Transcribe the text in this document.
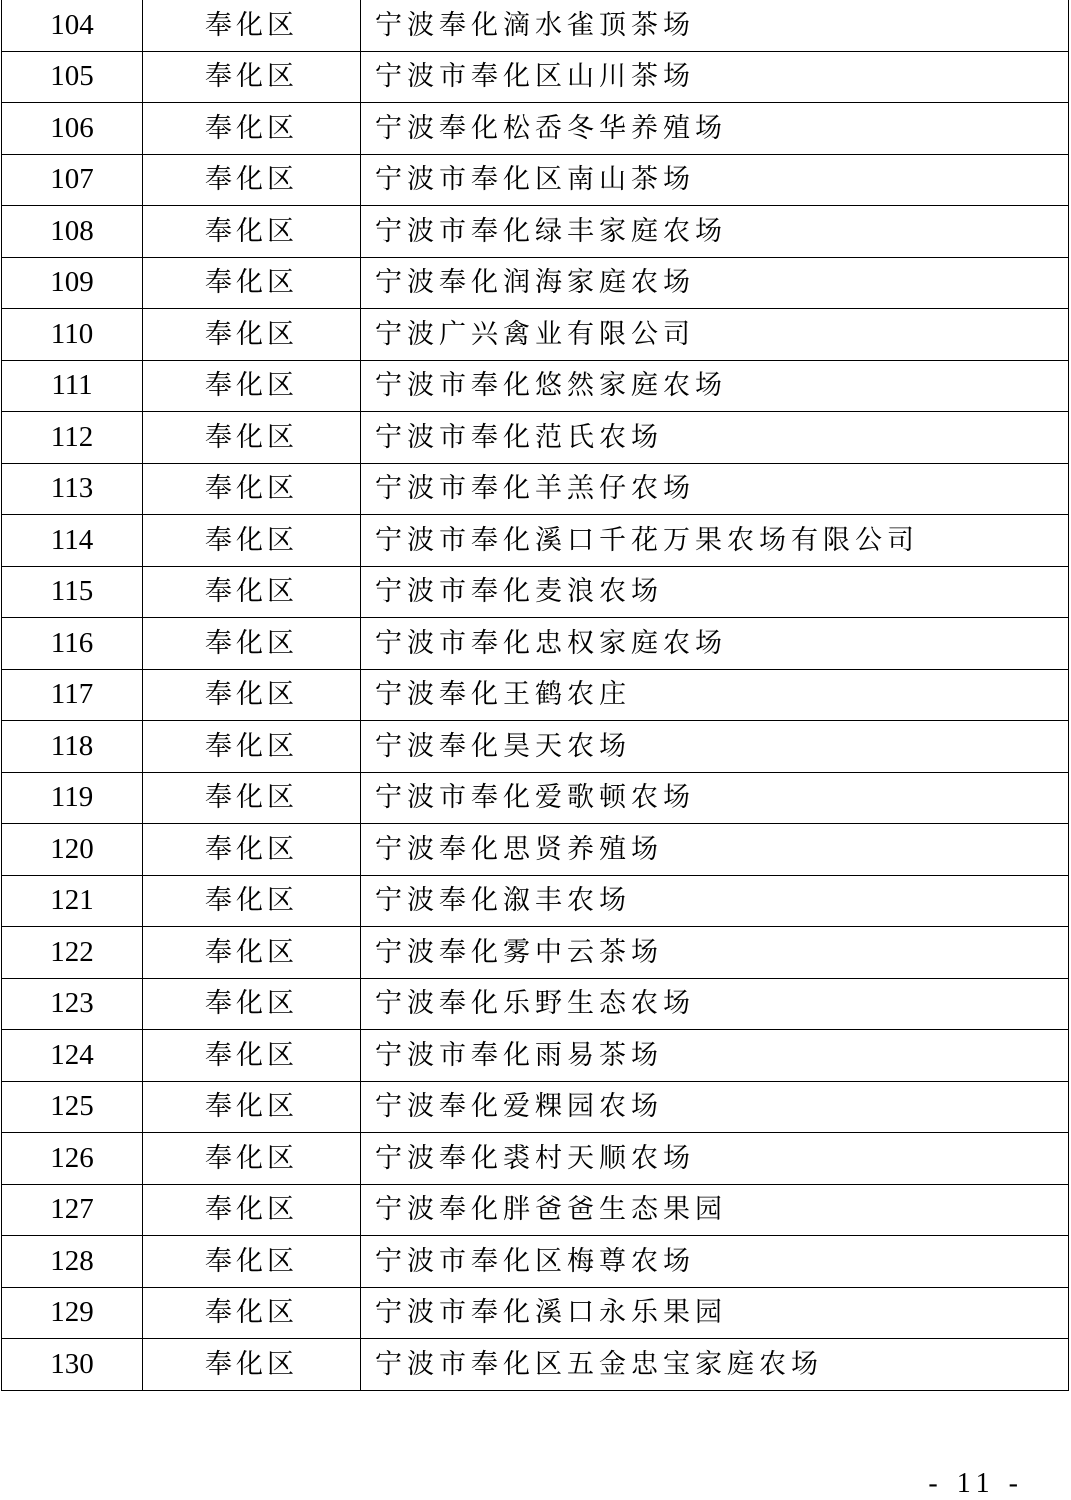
104	奉化区	宁波奉化滴水雀顶茶场
105	奉化区	宁波市奉化区山川茶场
106	奉化区	宁波奉化松岙冬华养殖场
107	奉化区	宁波市奉化区南山茶场
108	奉化区	宁波市奉化绿丰家庭农场
109	奉化区	宁波奉化润海家庭农场
110	奉化区	宁波广兴禽业有限公司
111	奉化区	宁波市奉化悠然家庭农场
112	奉化区	宁波市奉化范氏农场
113	奉化区	宁波市奉化羊羔仔农场
114	奉化区	宁波市奉化溪口千花万果农场有限公司
115	奉化区	宁波市奉化麦浪农场
116	奉化区	宁波市奉化忠权家庭农场
117	奉化区	宁波奉化王鹤农庄
118	奉化区	宁波奉化昊天农场
119	奉化区	宁波市奉化爱歌顿农场
120	奉化区	宁波奉化思贤养殖场
121	奉化区	宁波奉化溆丰农场
122	奉化区	宁波奉化雾中云茶场
123	奉化区	宁波奉化乐野生态农场
124	奉化区	宁波市奉化雨易茶场
125	奉化区	宁波奉化爱粿园农场
126	奉化区	宁波奉化裘村天顺农场
127	奉化区	宁波奉化胖爸爸生态果园
128	奉化区	宁波市奉化区梅尊农场
129	奉化区	宁波市奉化溪口永乐果园
130	奉化区	宁波市奉化区五金忠宝家庭农场
- 11 -
